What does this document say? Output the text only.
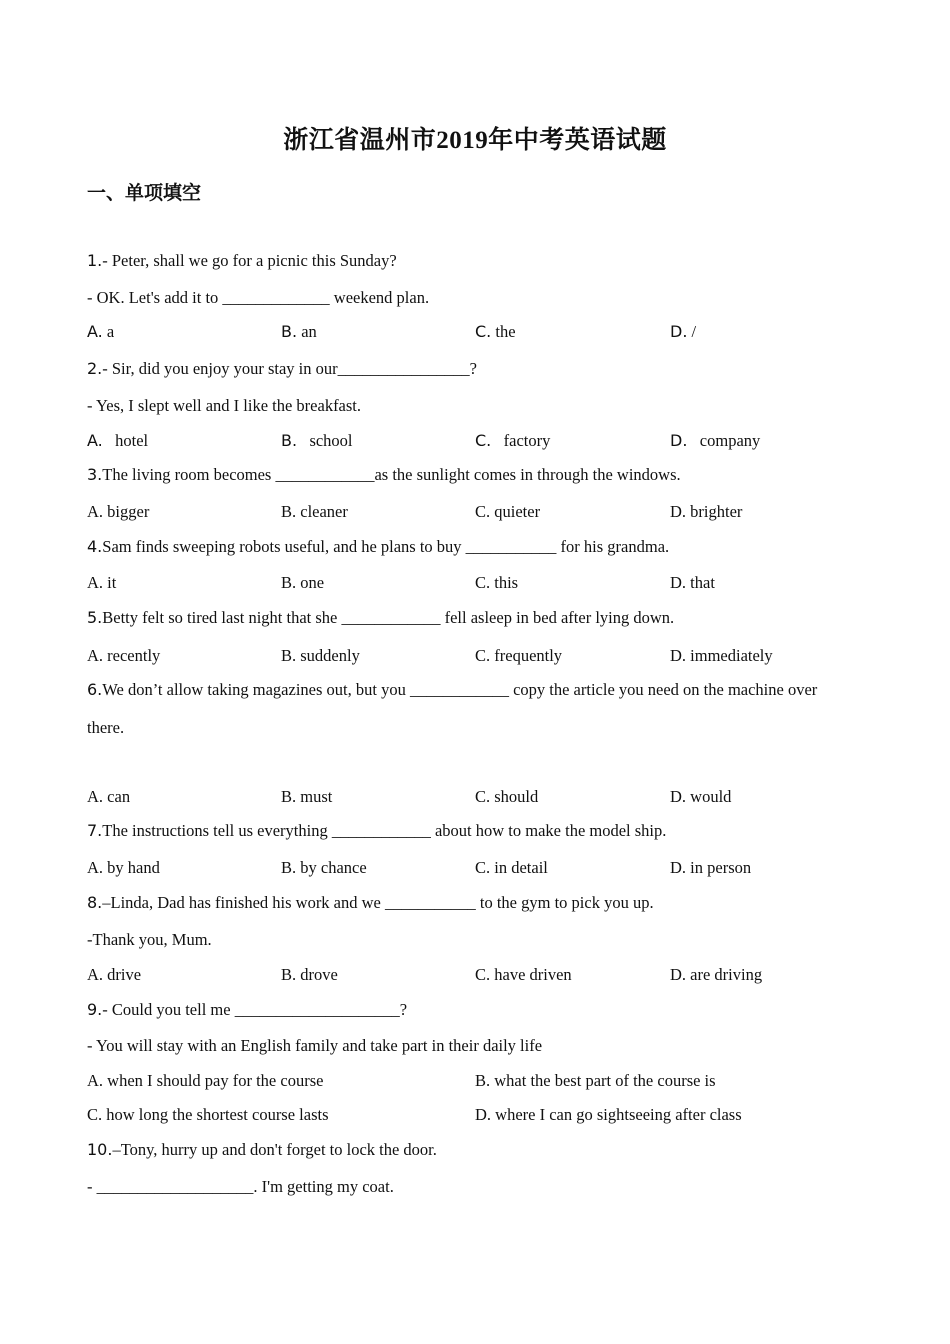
浙江省温州市2019年中考英语试题
一、单项填空
1.- Peter, shall we go for a picnic this Sunday?
- OK. Let's add it to _____________ weekend plan.
A. a	B. an	C. the	D. /
2.- Sir, did you enjoy your stay in our________________?
- Yes, I slept well and I like the breakfast.
A.   hotel	B.   school	C.   factory	D.   company
3.The living room becomes ____________as the sunlight comes in through the windows.
A. bigger	B. cleaner	C. quieter	D. brighter
4.Sam finds sweeping robots useful, and he plans to buy ___________ for his grandma.
A. it	B. one	C. this	D. that
5.Betty felt so tired last night that she ____________ fell asleep in bed after lying down.
A. recently	B. suddenly	C. frequently	D. immediately
6.We don’t allow taking magazines out, but you ____________ copy the article you need on the machine over
there.
A. can	B. must	C. should	D. would
7.The instructions tell us everything ____________ about how to make the model ship.
A. by hand	B. by chance	C. in detail	D. in person
8.–Linda, Dad has finished his work and we ___________ to the gym to pick you up.
-Thank you, Mum.
A. drive	B. drove	C. have driven	D. are driving
9.- Could you tell me ____________________?
- You will stay with an English family and take part in their daily life
A. when I should pay for the course	B. what the best part of the course is
C. how long the shortest course lasts	D. where I can go sightseeing after class
10.–Tony, hurry up and don't forget to lock the door.
- ___________________. I'm getting my coat.
